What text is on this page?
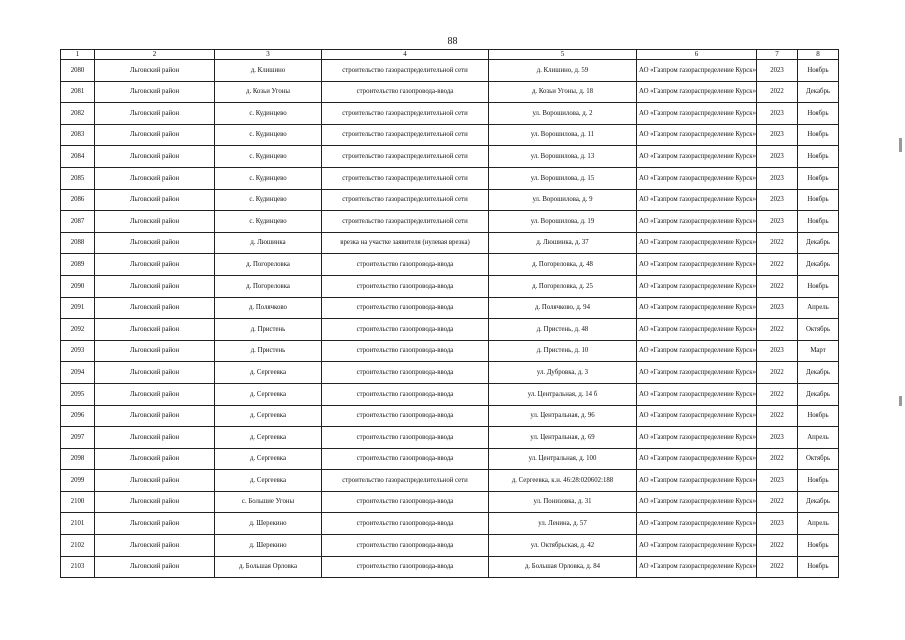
88
1	2	3	4	5	6	7	8
2080	Льговский район	д. Клишино	строительство газораспределительной сети	д. Клишино, д. 59	АО «Газпром газораспределение Курск»	2023	Ноябрь
2081	Льговский район	д. Козьи Угоны	строительство газопровода-ввода	д. Козьи Угоны, д. 18	АО «Газпром газораспределение Курск»	2022	Декабрь
2082	Льговский район	с. Кудинцево	строительство газораспределительной сети	ул. Ворошилова, д. 2	АО «Газпром газораспределение Курск»	2023	Ноябрь
2083	Льговский район	с. Кудинцево	строительство газораспределительной сети	ул. Ворошилова, д. 11	АО «Газпром газораспределение Курск»	2023	Ноябрь
2084	Льговский район	с. Кудинцево	строительство газораспределительной сети	ул. Ворошилова, д. 13	АО «Газпром газораспределение Курск»	2023	Ноябрь
2085	Льговский район	с. Кудинцево	строительство газораспределительной сети	ул. Ворошилова, д. 15	АО «Газпром газораспределение Курск»	2023	Ноябрь
2086	Льговский район	с. Кудинцево	строительство газораспределительной сети	ул. Ворошилова, д. 9	АО «Газпром газораспределение Курск»	2023	Ноябрь
2087	Льговский район	с. Кудинцево	строительство газораспределительной сети	ул. Ворошилова, д. 19	АО «Газпром газораспределение Курск»	2023	Ноябрь
2088	Льговский район	д. Люшинка	врезка на участке заявителя (нулевая врезка)	д. Люшинка, д. 37	АО «Газпром газораспределение Курск»	2022	Декабрь
2089	Льговский район	д. Погореловка	строительство газопровода-ввода	д. Погореловка, д. 48	АО «Газпром газораспределение Курск»	2022	Декабрь
2090	Льговский район	д. Погореловка	строительство газопровода-ввода	д. Погореловка, д. 25	АО «Газпром газораспределение Курск»	2022	Ноябрь
2091	Льговский район	д. Полячково	строительство газопровода-ввода	д. Полячково, д. 94	АО «Газпром газораспределение Курск»	2023	Апрель
2092	Льговский район	д. Пристень	строительство газопровода-ввода	д. Пристень, д. 48	АО «Газпром газораспределение Курск»	2022	Октябрь
2093	Льговский район	д. Пристень	строительство газопровода-ввода	д. Пристень, д. 10	АО «Газпром газораспределение Курск»	2023	Март
2094	Льговский район	д. Сергеевка	строительство газопровода-ввода	ул. Дубровка, д. 3	АО «Газпром газораспределение Курск»	2022	Декабрь
2095	Льговский район	д. Сергеевка	строительство газопровода-ввода	ул. Центральная, д. 14 б	АО «Газпром газораспределение Курск»	2022	Декабрь
2096	Льговский район	д. Сергеевка	строительство газопровода-ввода	ул. Центральная, д. 96	АО «Газпром газораспределение Курск»	2022	Ноябрь
2097	Льговский район	д. Сергеевка	строительство газопровода-ввода	ул. Центральная, д. 69	АО «Газпром газораспределение Курск»	2023	Апрель
2098	Льговский район	д. Сергеевка	строительство газопровода-ввода	ул. Центральная, д. 100	АО «Газпром газораспределение Курск»	2022	Октябрь
2099	Льговский район	д. Сергеевка	строительство газораспределительной сети	д. Сергеевка, к.н. 46:28:020602:188	АО «Газпром газораспределение Курск»	2023	Ноябрь
2100	Льговский район	с. Большие Угоны	строительство газопровода-ввода	ул. Понизовка, д. 31	АО «Газпром газораспределение Курск»	2022	Декабрь
2101	Льговский район	д. Шерекино	строительство газопровода-ввода	ул. Ленина, д. 57	АО «Газпром газораспределение Курск»	2023	Апрель
2102	Льговский район	д. Шерекино	строительство газопровода-ввода	ул. Октябрьская, д. 42	АО «Газпром газораспределение Курск»	2022	Ноябрь
2103	Льговский район	д. Большая Орловка	строительство газопровода-ввода	д. Большая Орловка, д. 84	АО «Газпром газораспределение Курск»	2022	Ноябрь
